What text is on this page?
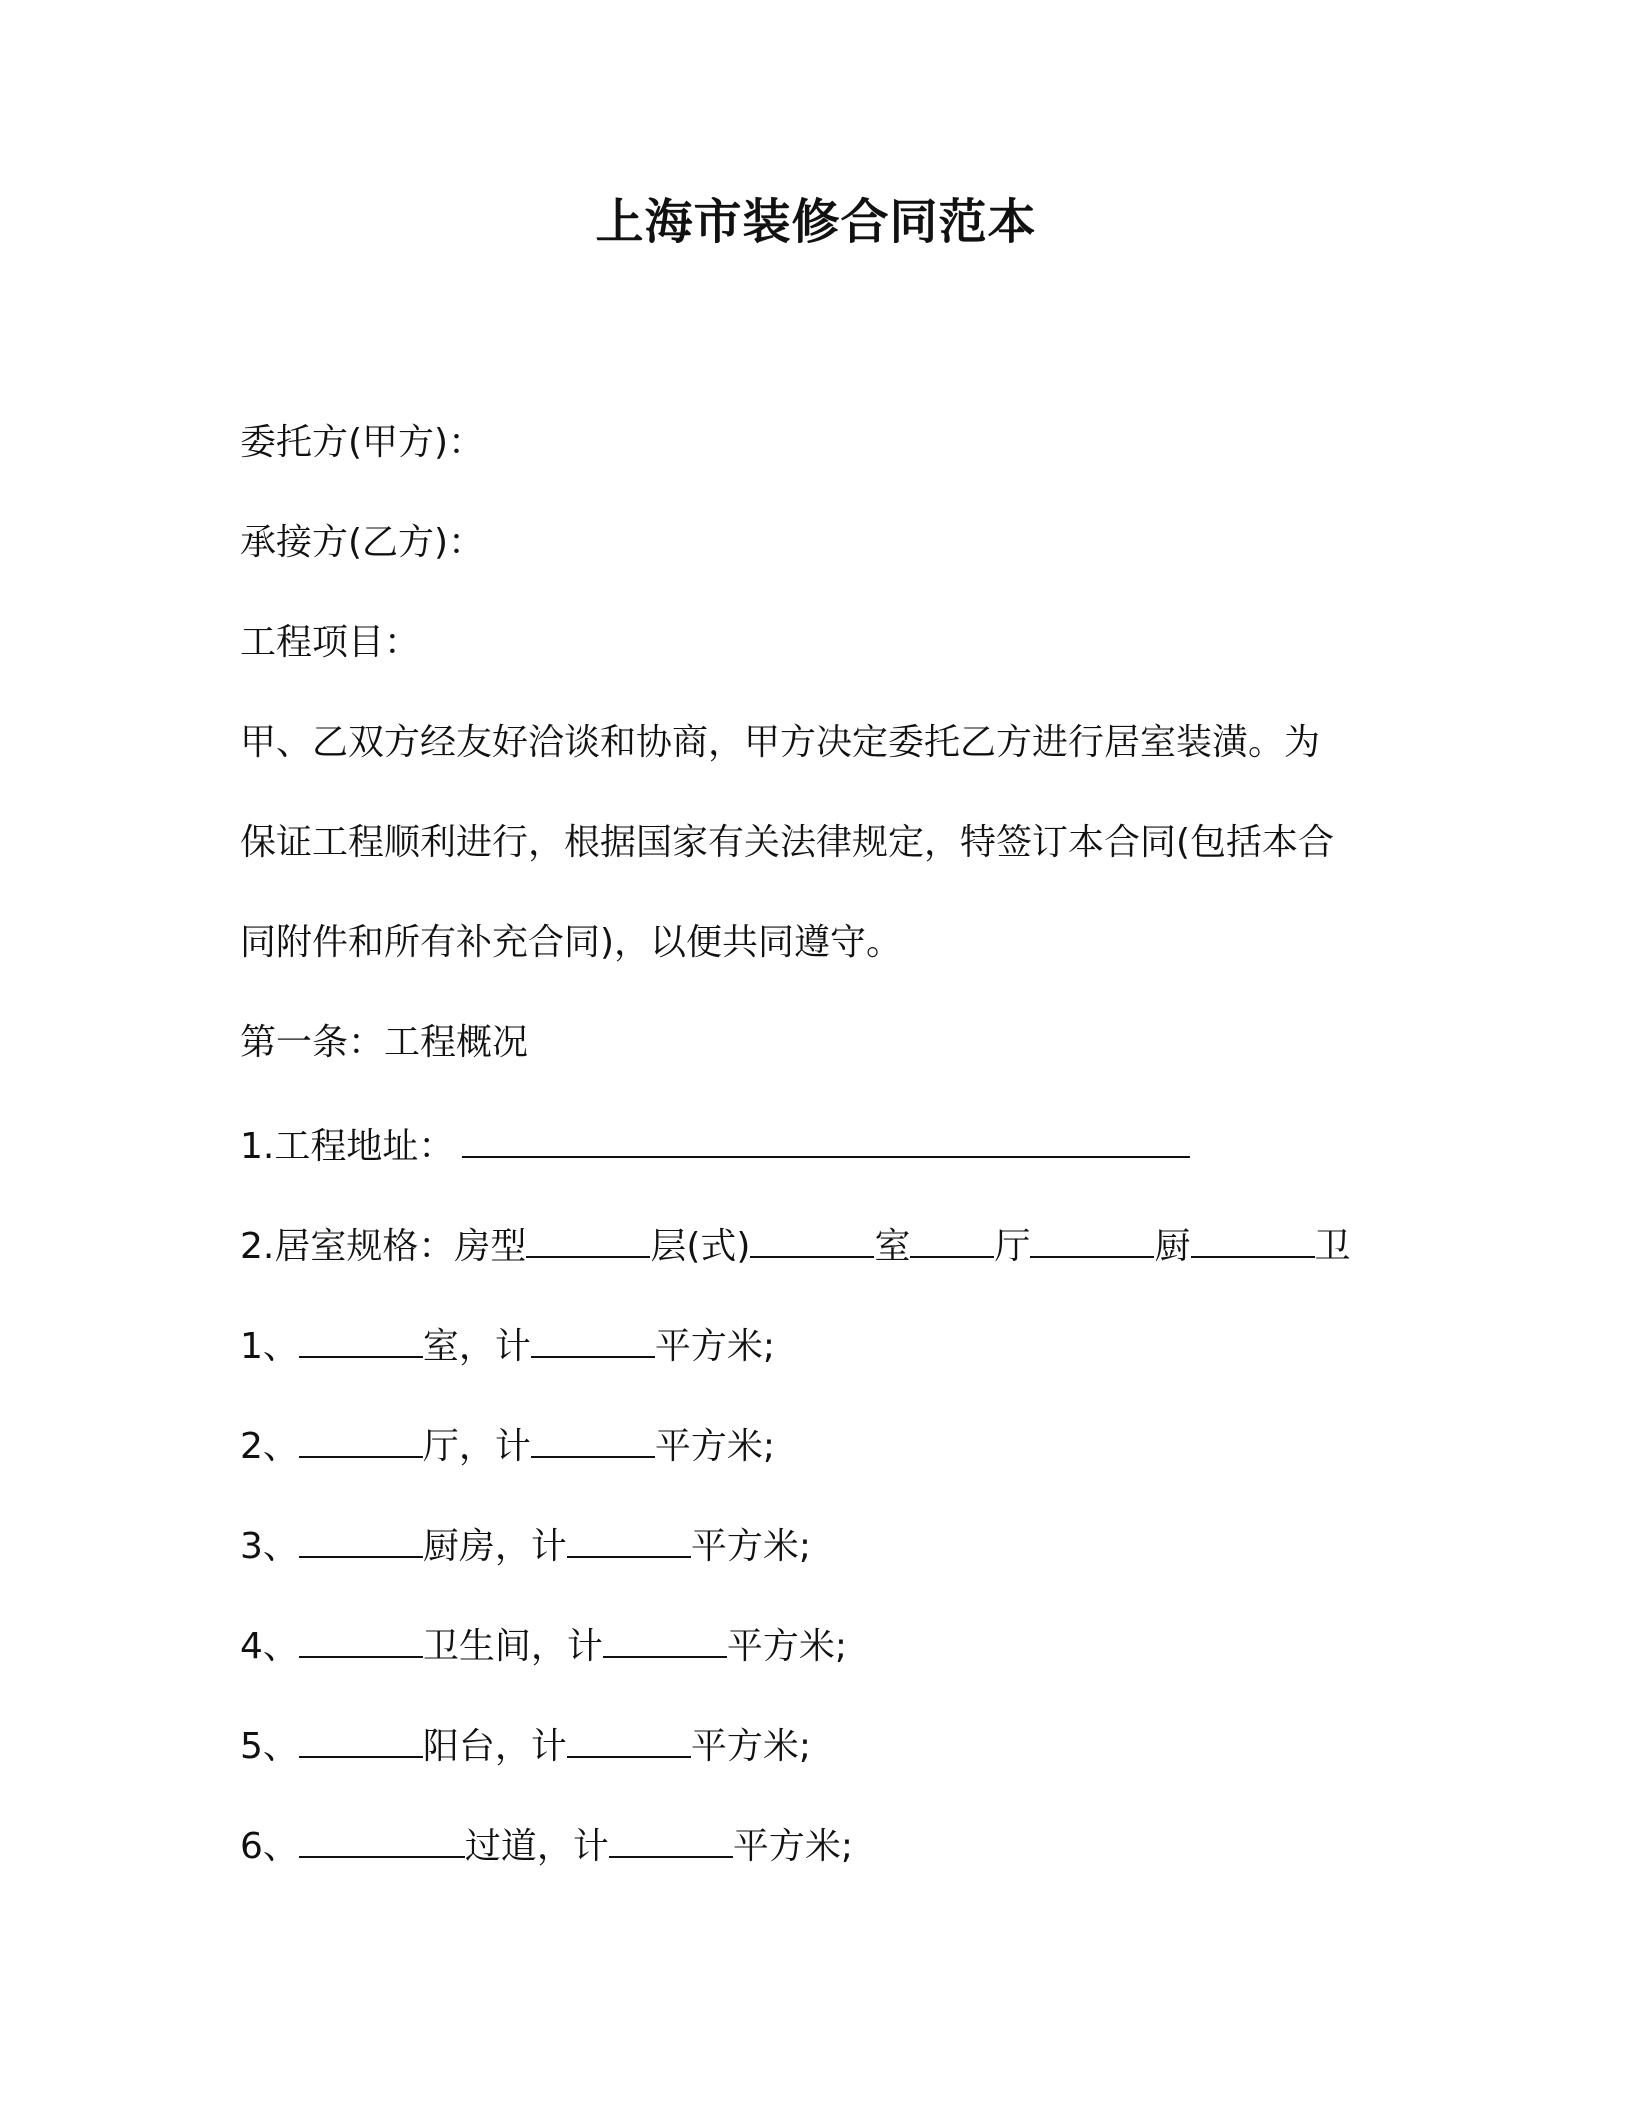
上海市装修合同范本

委托方(甲方)：

承接方(乙方)：

工程项目：

甲、乙双方经友好洽谈和协商，甲方决定委托乙方进行居室装潢。为

保证工程顺利进行，根据国家有关法律规定，特签订本合同(包括本合

同附件和所有补充合同)，以便共同遵守。

第一条：工程概况

1.工程地址：

2.居室规格：房型	层(式)	室 厅	厨	卫

1、	室，计	平方米;

2、	厅，计	平方米;

3、	厨房，计	平方米;

4、	卫生间，计	平方米;

5、	阳台，计	平方米;

6、	过道，计	平方米;
